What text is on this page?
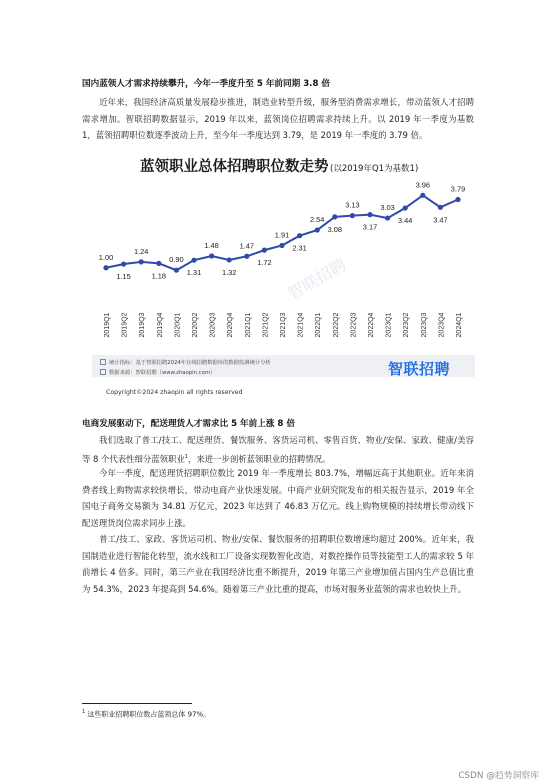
国内蓝领人才需求持续攀升，今年一季度升至 5 年前同期 3.8 倍
近年来，我国经济高质量发展稳步推进，制造业转型升级，服务型消费需求增长，带动蓝领人才招聘需求增加。智联招聘数据显示，2019 年以来，蓝领岗位招聘需求持续上升。以 2019 年一季度为基数 1，蓝领招聘职位数逐季波动上升，至今年一季度达到 3.79，是 2019 年一季度的 3.79 倍。
蓝领职业总体招聘职位数走势 (以2019年Q1为基数1)
智联招聘
1.00
1.15
1.24
1.18
0.90
1.31
1.48
1.32
1.47
1.72
1.91
2.31
2.54
3.08
3.13
3.17
3.03
3.44
3.96
3.47
3.79
2019Q1 2019Q2 2019Q3 2019Q4 2020Q1 2020Q2 2020Q3 2020Q4 2021Q1 2021Q2 2021Q3 2021Q4 2022Q1 2022Q2 2022Q3 2022Q4 2023Q1 2023Q2 2023Q3 2023Q4 2024Q1
统计指标：基于智联招聘2024年在线招聘数据库的数据监测统计分析
数据来源：智联招聘（www.zhaopin.com）	智联招聘
Copyright©2024 zhaopin all rights reserved
电商发展驱动下，配送理货人才需求比 5 年前上涨 8 倍
我们选取了普工/技工、配送理货、餐饮服务、客货运司机、零售百货、物业/安保、家政、健康/美容等 8 个代表性细分蓝领职业$^1$，来进一步剖析蓝领职业的招聘情况。
今年一季度，配送理货招聘职位数比 2019 年一季度增长 803.7%，增幅远高于其他职业。近年来消费者线上购物需求较快增长，带动电商产业快速发展。中商产业研究院发布的相关报告显示，2019 年全国电子商务交易额为 34.81 万亿元，2023 年达到了 46.83 万亿元。线上购物规模的持续增长带动线下配送理货岗位需求同步上涨。
普工/技工、家政、客货运司机、物业/安保、餐饮服务的招聘职位数增速均超过 200%。近年来，我国制造业进行智能化转型，流水线和工厂设备实现数智化改造，对数控操作员等技能型工人的需求较 5 年前增长 4 倍多。同时，第三产业在我国经济比重不断提升，2019 年第三产业增加值占国内生产总值比重为 54.3%，2023 年提高到 54.6%。随着第三产业比重的提高，市场对服务业蓝领的需求也较快上升。
$^1$ 这些职业招聘职位数占蓝领总体 97%。
CSDN @趋势洞察库
